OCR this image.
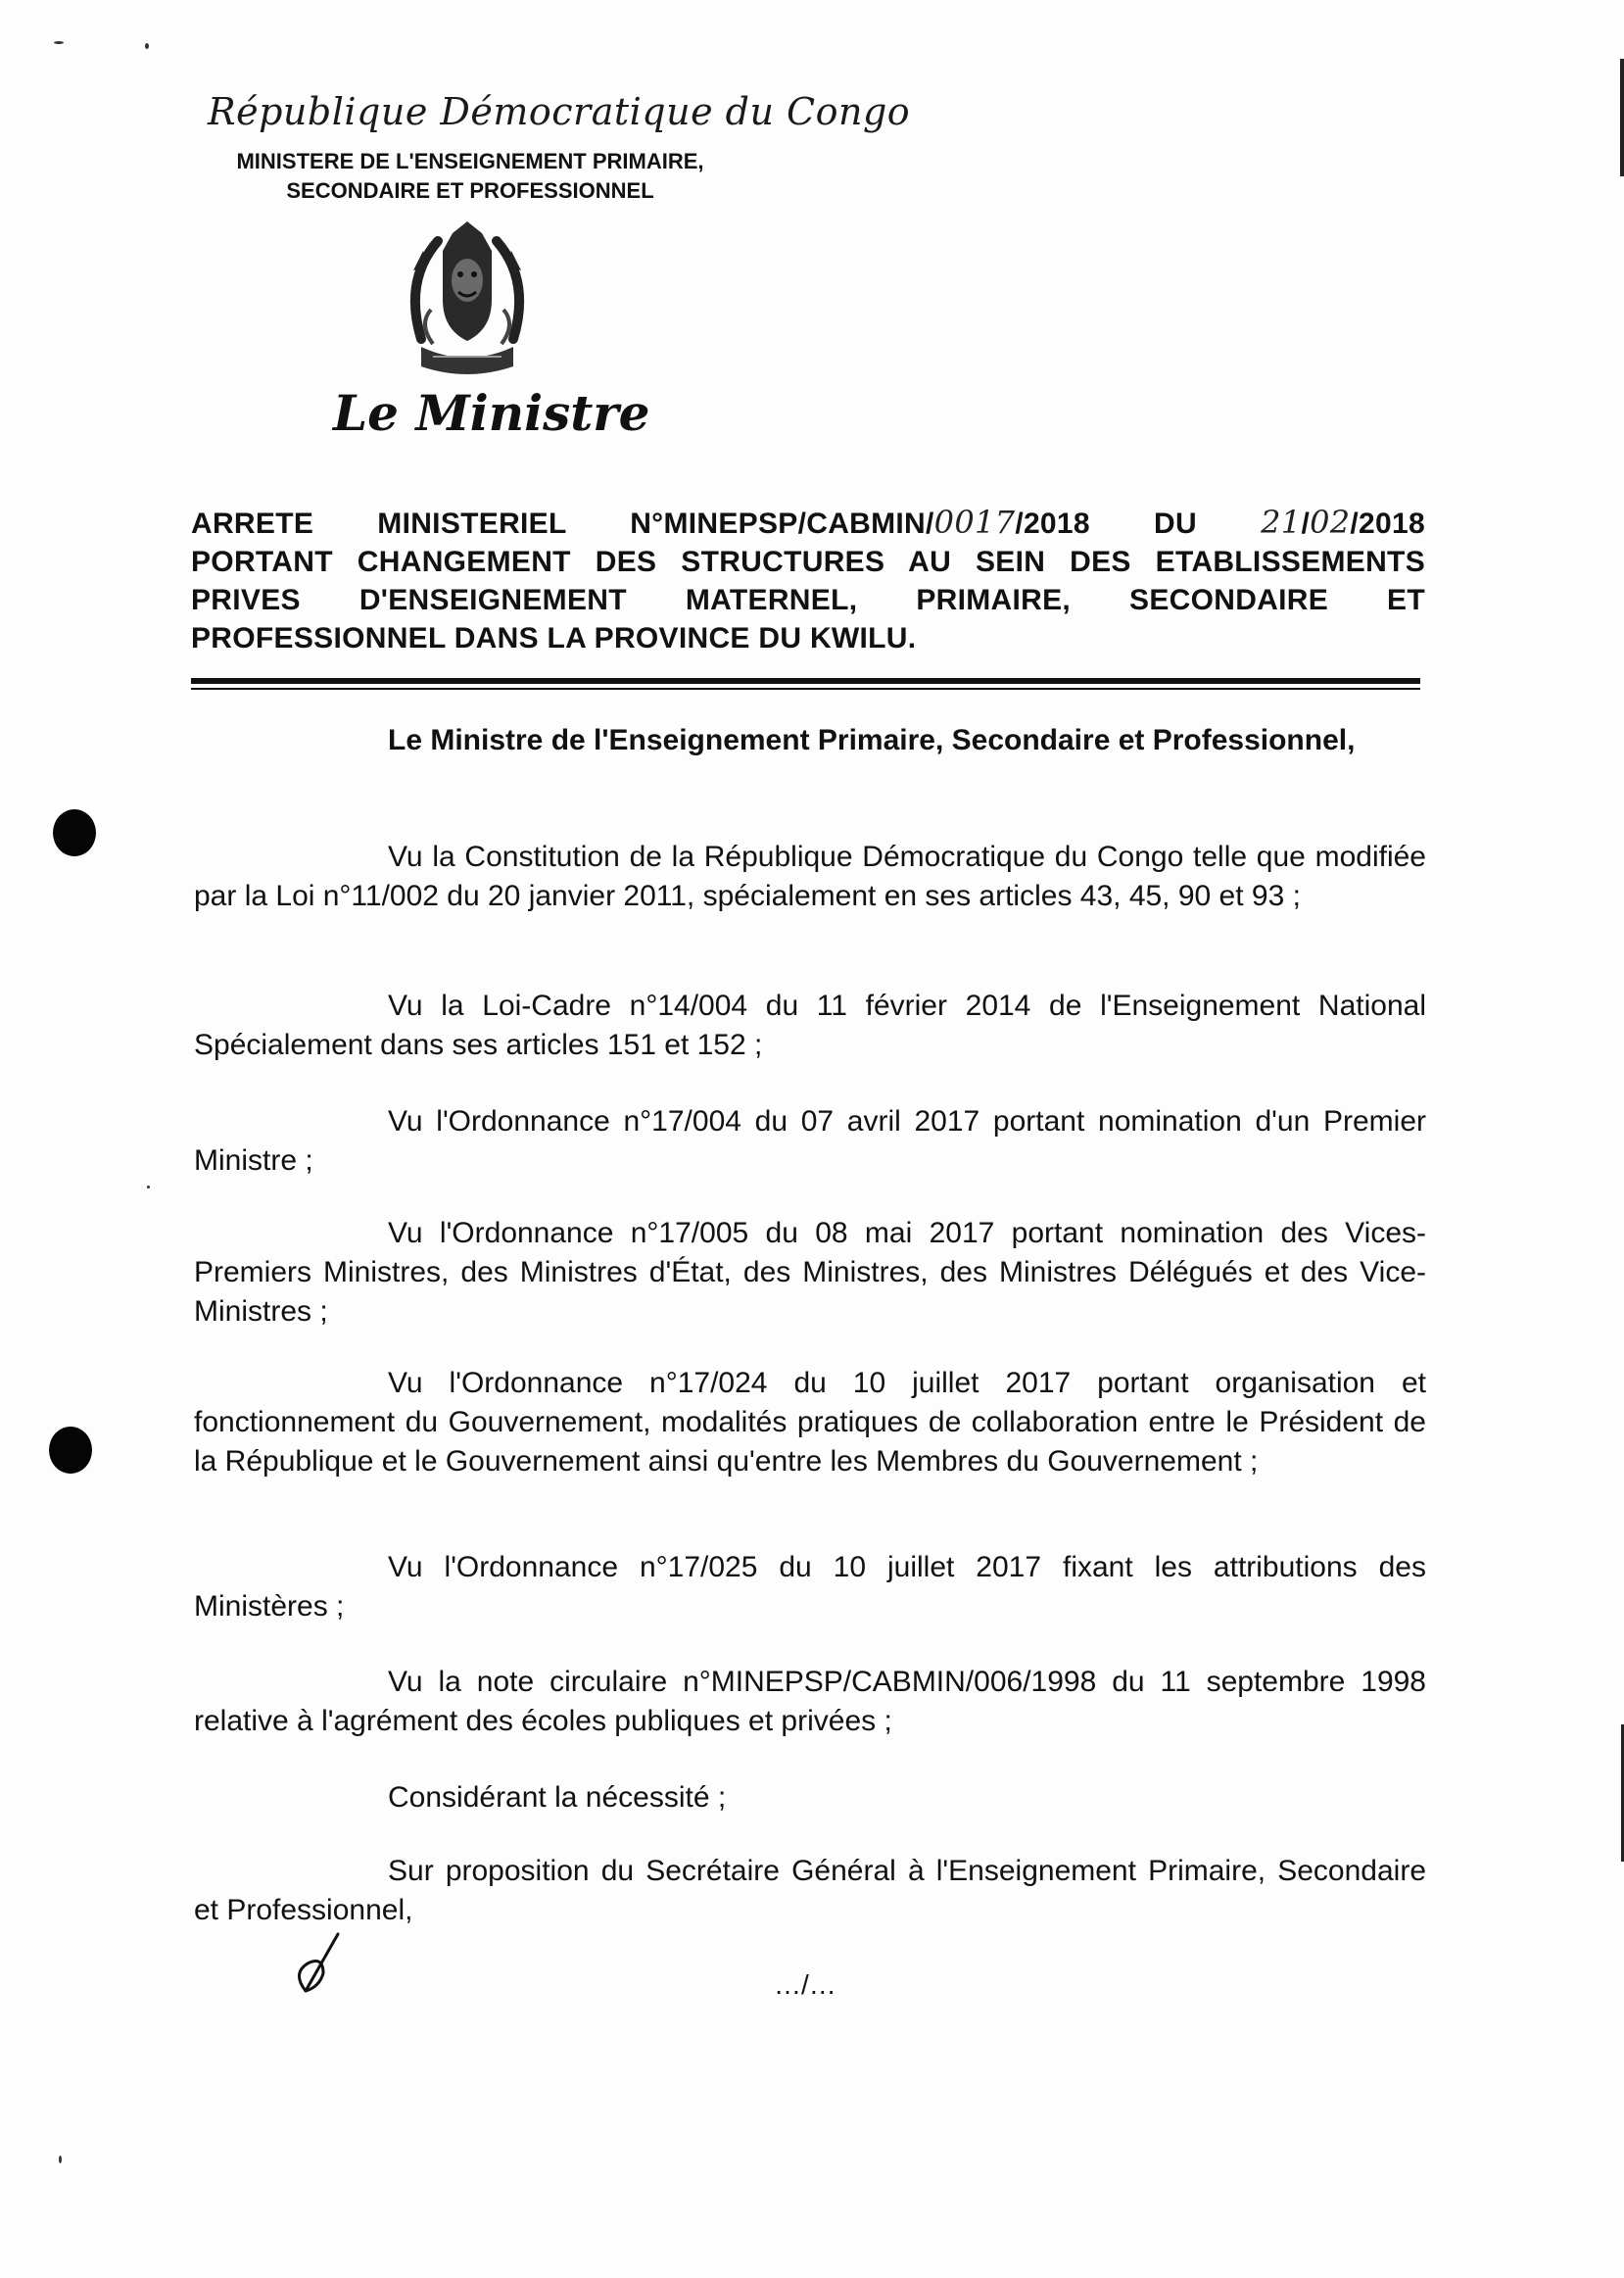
République Démocratique du Congo
MINISTERE DE L'ENSEIGNEMENT PRIMAIRE,
SECONDAIRE ET PROFESSIONNEL
Le Ministre
ARRETE MINISTERIEL N°MINEPSP/CABMIN/0017/2018 DU 21/02/2018
PORTANT CHANGEMENT DES STRUCTURES AU SEIN DES ETABLISSEMENTS
PRIVES D'ENSEIGNEMENT MATERNEL, PRIMAIRE, SECONDAIRE ET
PROFESSIONNEL DANS LA PROVINCE DU KWILU.

Le Ministre de l'Enseignement Primaire, Secondaire et Professionnel,

Vu la Constitution de la République Démocratique du Congo telle que modifiée par la Loi n°11/002 du 20 janvier 2011, spécialement en ses articles 43, 45, 90 et 93 ;

Vu la Loi-Cadre n°14/004 du 11 février 2014 de l'Enseignement National Spécialement dans ses articles 151 et 152 ;

Vu l'Ordonnance n°17/004 du 07 avril 2017 portant nomination d'un Premier Ministre ;

Vu l'Ordonnance n°17/005 du 08 mai 2017 portant nomination des Vices-Premiers Ministres, des Ministres d'État, des Ministres, des Ministres Délégués et des Vice-Ministres ;

Vu l'Ordonnance n°17/024 du 10 juillet 2017 portant organisation et fonctionnement du Gouvernement, modalités pratiques de collaboration entre le Président de la République et le Gouvernement ainsi qu'entre les Membres du Gouvernement ;

Vu l'Ordonnance n°17/025 du 10 juillet 2017 fixant les attributions des Ministères ;

Vu la note circulaire n°MINEPSP/CABMIN/006/1998 du 11 septembre 1998 relative à l'agrément des écoles publiques et privées ;

Considérant la nécessité ;

Sur proposition du Secrétaire Général à l'Enseignement Primaire, Secondaire et Professionnel,

…/…
